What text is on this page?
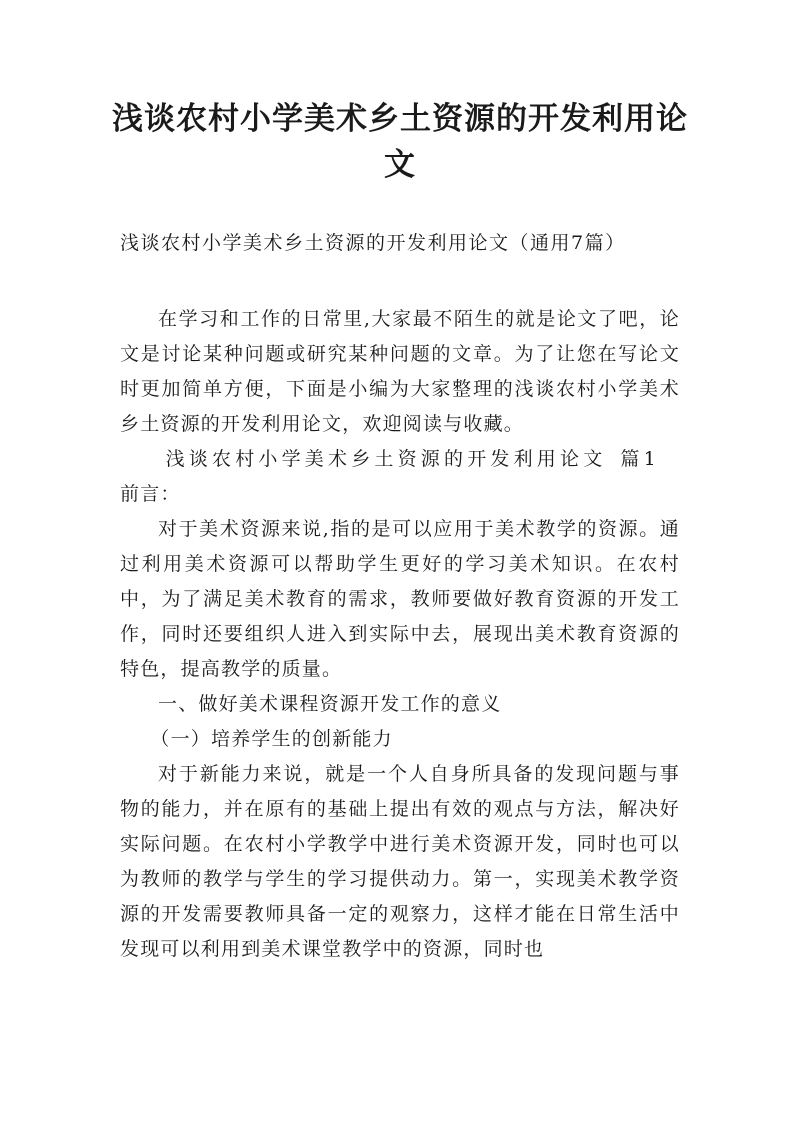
浅谈农村小学美术乡土资源的开发利用论文

浅谈农村小学美术乡土资源的开发利用论文（通用7篇）

在学习和工作的日常里,大家最不陌生的就是论文了吧，论文是讨论某种问题或研究某种问题的文章。为了让您在写论文时更加简单方便，下面是小编为大家整理的浅谈农村小学美术乡土资源的开发利用论文，欢迎阅读与收藏。

浅谈农村小学美术乡土资源的开发利用论文 篇1

前言：

对于美术资源来说,指的是可以应用于美术教学的资源。通过利用美术资源可以帮助学生更好的学习美术知识。在农村中，为了满足美术教育的需求，教师要做好教育资源的开发工作，同时还要组织人进入到实际中去，展现出美术教育资源的特色，提高教学的质量。

一、做好美术课程资源开发工作的意义

（一）培养学生的创新能力

对于新能力来说，就是一个人自身所具备的发现问题与事物的能力，并在原有的基础上提出有效的观点与方法，解决好实际问题。在农村小学教学中进行美术资源开发，同时也可以为教师的教学与学生的学习提供动力。第一，实现美术教学资源的开发需要教师具备一定的观察力，这样才能在日常生活中发现可以利用到美术课堂教学中的资源，同时也
